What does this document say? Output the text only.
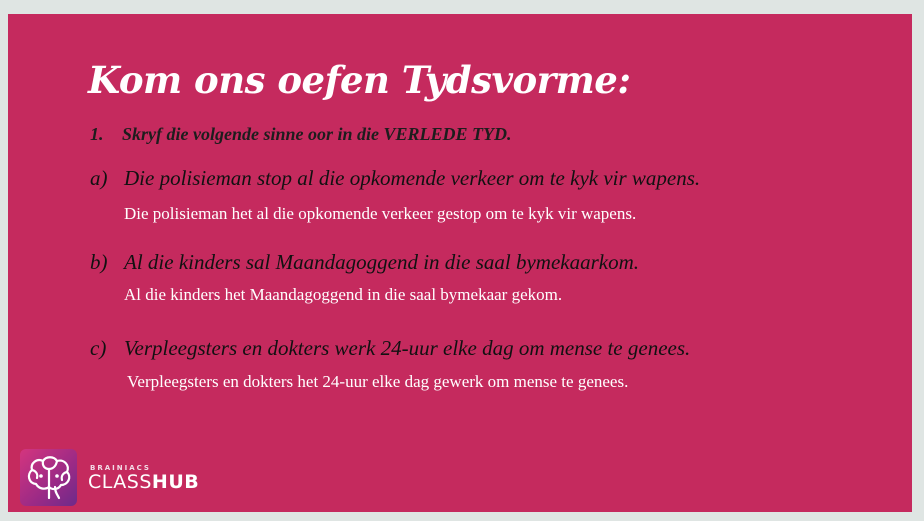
Kom ons oefen Tydsvorme:
1. Skryf die volgende sinne oor in die VERLEDE TYD.
a) Die polisieman stop al die opkomende verkeer om te kyk vir wapens.
Die polisieman het al die opkomende verkeer gestop om te kyk vir wapens.
b) Al die kinders sal Maandagoggend in die saal bymekaarkom.
Al die kinders het Maandagoggend in die saal bymekaar gekom.
c) Verpleegsters en dokters werk 24-uur elke dag om mense te genees.
Verpleegsters en dokters het 24-uur elke dag gewerk om mense te genees.
BRAINIACS
CLASSHUB
